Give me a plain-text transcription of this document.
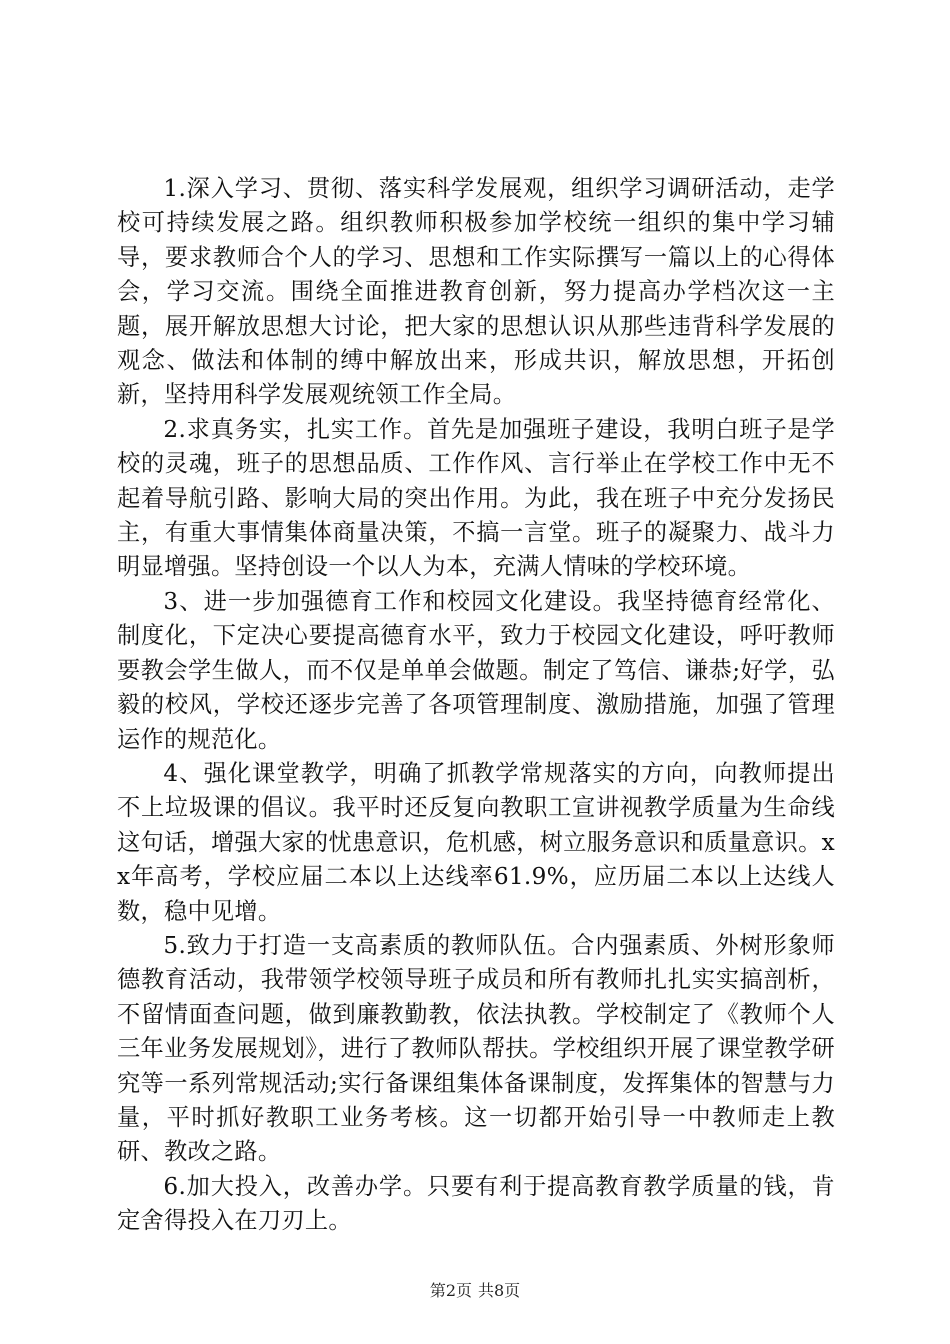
1.深入学习、贯彻、落实科学发展观，组织学习调研活动，走学校可持续发展之路。组织教师积极参加学校统一组织的集中学习辅导，要求教师合个人的学习、思想和工作实际撰写一篇以上的心得体会，学习交流。围绕全面推进教育创新，努力提高办学档次这一主题，展开解放思想大讨论，把大家的思想认识从那些违背科学发展的观念、做法和体制的缚中解放出来，形成共识，解放思想，开拓创新，坚持用科学发展观统领工作全局。

2.求真务实，扎实工作。首先是加强班子建设，我明白班子是学校的灵魂，班子的思想品质、工作作风、言行举止在学校工作中无不起着导航引路、影响大局的突出作用。为此，我在班子中充分发扬民主，有重大事情集体商量决策，不搞一言堂。班子的凝聚力、战斗力明显增强。坚持创设一个以人为本，充满人情味的学校环境。

3、进一步加强德育工作和校园文化建设。我坚持德育经常化、制度化，下定决心要提高德育水平，致力于校园文化建设，呼吁教师要教会学生做人，而不仅是单单会做题。制定了笃信、谦恭;好学，弘毅的校风，学校还逐步完善了各项管理制度、激励措施，加强了管理运作的规范化。

4、强化课堂教学，明确了抓教学常规落实的方向，向教师提出不上垃圾课的倡议。我平时还反复向教职工宣讲视教学质量为生命线这句话，增强大家的忧患意识，危机感，树立服务意识和质量意识。xx年高考，学校应届二本以上达线率61.9%，应历届二本以上达线人数，稳中见增。

5.致力于打造一支高素质的教师队伍。合内强素质、外树形象师德教育活动，我带领学校领导班子成员和所有教师扎扎实实搞剖析，不留情面查问题，做到廉教勤教，依法执教。学校制定了《教师个人三年业务发展规划》，进行了教师队帮扶。学校组织开展了课堂教学研究等一系列常规活动;实行备课组集体备课制度，发挥集体的智慧与力量，平时抓好教职工业务考核。这一切都开始引导一中教师走上教研、教改之路。

6.加大投入，改善办学。只要有利于提高教育教学质量的钱，肯定舍得投入在刀刃上。

第2页 共8页
